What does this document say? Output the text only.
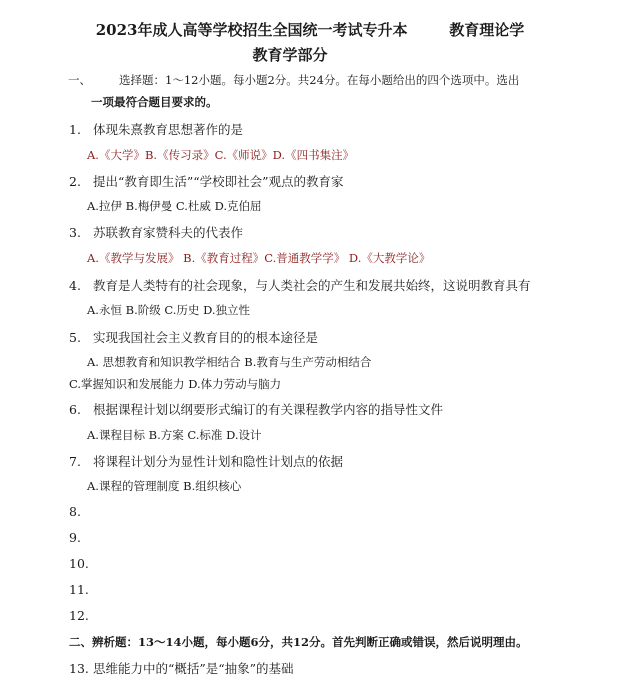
2023年成人高等学校招生全国统一考试专升本        教育理论学
教育学部分
一、 选择题：1～12小题。每小题2分。共24分。在每小题给出的四个选项中。选出
一项最符合题目要求的。
1. 体现朱熹教育思想著作的是
A.《大学》B.《传习录》C.《师说》D.《四书集注》
2. 提出“教育即生活”“学校即社会”观点的教育家
A.拉伊 B.梅伊曼 C.杜威 D.克伯屈
3. 苏联教育家赞科夫的代表作
A.《教学与发展》 B.《教育过程》C.普通教学学》 D.《大教学论》
4. 教育是人类特有的社会现象，与人类社会的产生和发展共始终，这说明教育具有
A.永恒 B.阶级 C.历史 D.独立性
5. 实现我国社会主义教育目的的根本途径是
A. 思想教育和知识教学相结合 B.教育与生产劳动相结合
C.掌握知识和发展能力 D.体力劳动与脑力
6. 根据课程计划以纲要形式编订的有关课程教学内容的指导性文件
A.课程目标 B.方案 C.标准 D.设计
7. 将课程计划分为显性计划和隐性计划点的依据
A.课程的管理制度 B.组织核心
8.
9.
10.
11.
12.
二、辨析题：13～14小题，每小题6分，共12分。首先判断正确或错误，然后说明理由。
13. 思维能力中的“概括”是“抽象”的基础
